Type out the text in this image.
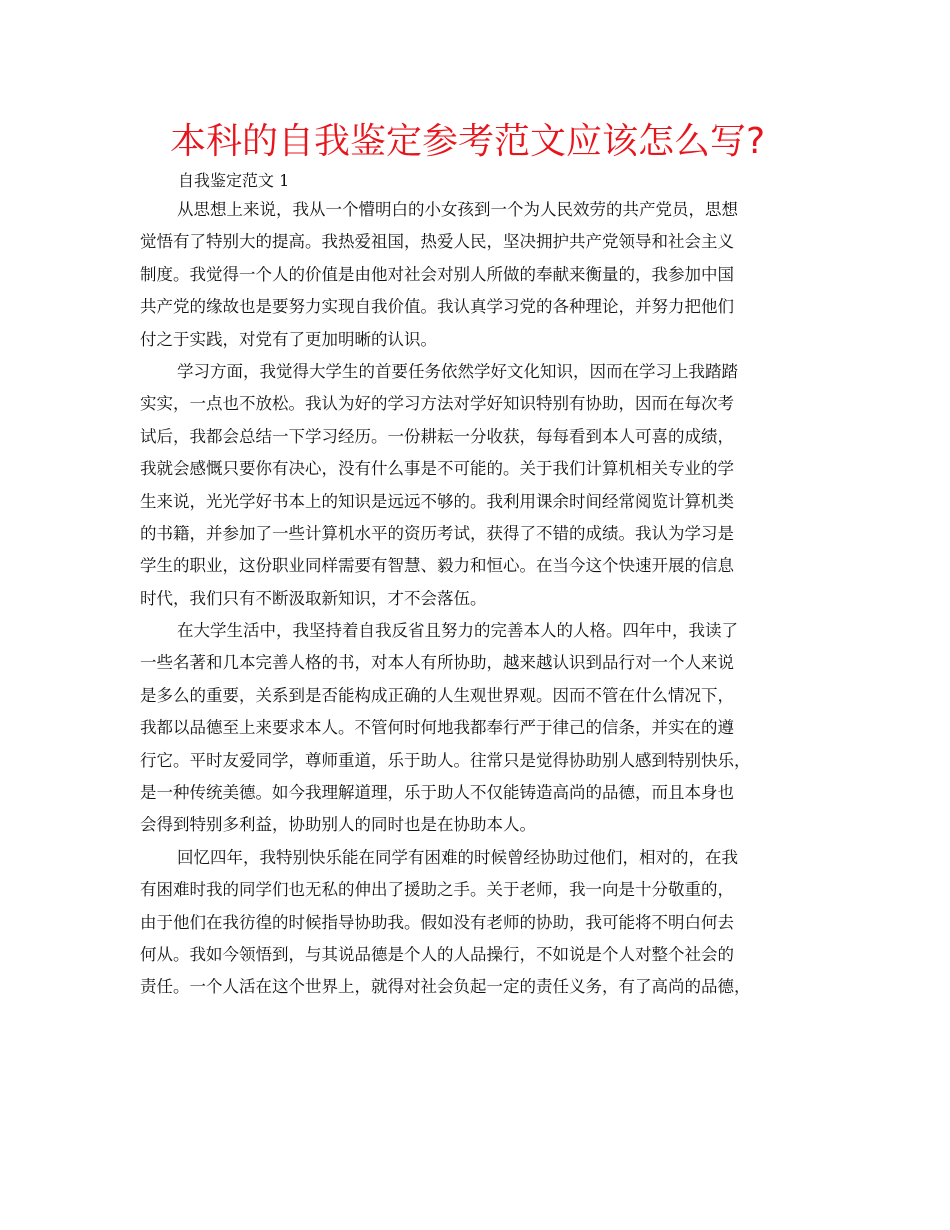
本科的自我鉴定参考范文应该怎么写?

自我鉴定范文 1

从思想上来说，我从一个懵明白的小女孩到一个为人民效劳的共产党员，思想
觉悟有了特别大的提高。我热爱祖国，热爱人民，坚决拥护共产党领导和社会主义
制度。我觉得一个人的价值是由他对社会对别人所做的奉献来衡量的，我参加中国
共产党的缘故也是要努力实现自我价值。我认真学习党的各种理论，并努力把他们
付之于实践，对党有了更加明晰的认识。

学习方面，我觉得大学生的首要任务依然学好文化知识，因而在学习上我踏踏
实实，一点也不放松。我认为好的学习方法对学好知识特别有协助，因而在每次考
试后，我都会总结一下学习经历。一份耕耘一分收获，每每看到本人可喜的成绩，
我就会感慨只要你有决心，没有什么事是不可能的。关于我们计算机相关专业的学
生来说，光光学好书本上的知识是远远不够的。我利用课余时间经常阅览计算机类
的书籍，并参加了一些计算机水平的资历考试，获得了不错的成绩。我认为学习是
学生的职业，这份职业同样需要有智慧、毅力和恒心。在当今这个快速开展的信息
时代，我们只有不断汲取新知识，才不会落伍。

在大学生活中，我坚持着自我反省且努力的完善本人的人格。四年中，我读了
一些名著和几本完善人格的书，对本人有所协助，越来越认识到品行对一个人来说
是多么的重要，关系到是否能构成正确的人生观世界观。因而不管在什么情况下，
我都以品德至上来要求本人。不管何时何地我都奉行严于律己的信条，并实在的遵
行它。平时友爱同学，尊师重道，乐于助人。往常只是觉得协助别人感到特别快乐，
是一种传统美德。如今我理解道理，乐于助人不仅能铸造高尚的品德，而且本身也
会得到特别多利益，协助别人的同时也是在协助本人。

回忆四年，我特别快乐能在同学有困难的时候曾经协助过他们，相对的，在我
有困难时我的同学们也无私的伸出了援助之手。关于老师，我一向是十分敬重的，
由于他们在我彷徨的时候指导协助我。假如没有老师的协助，我可能将不明白何去
何从。我如今领悟到，与其说品德是个人的人品操行，不如说是个人对整个社会的
责任。一个人活在这个世界上，就得对社会负起一定的责任义务，有了高尚的品德，
